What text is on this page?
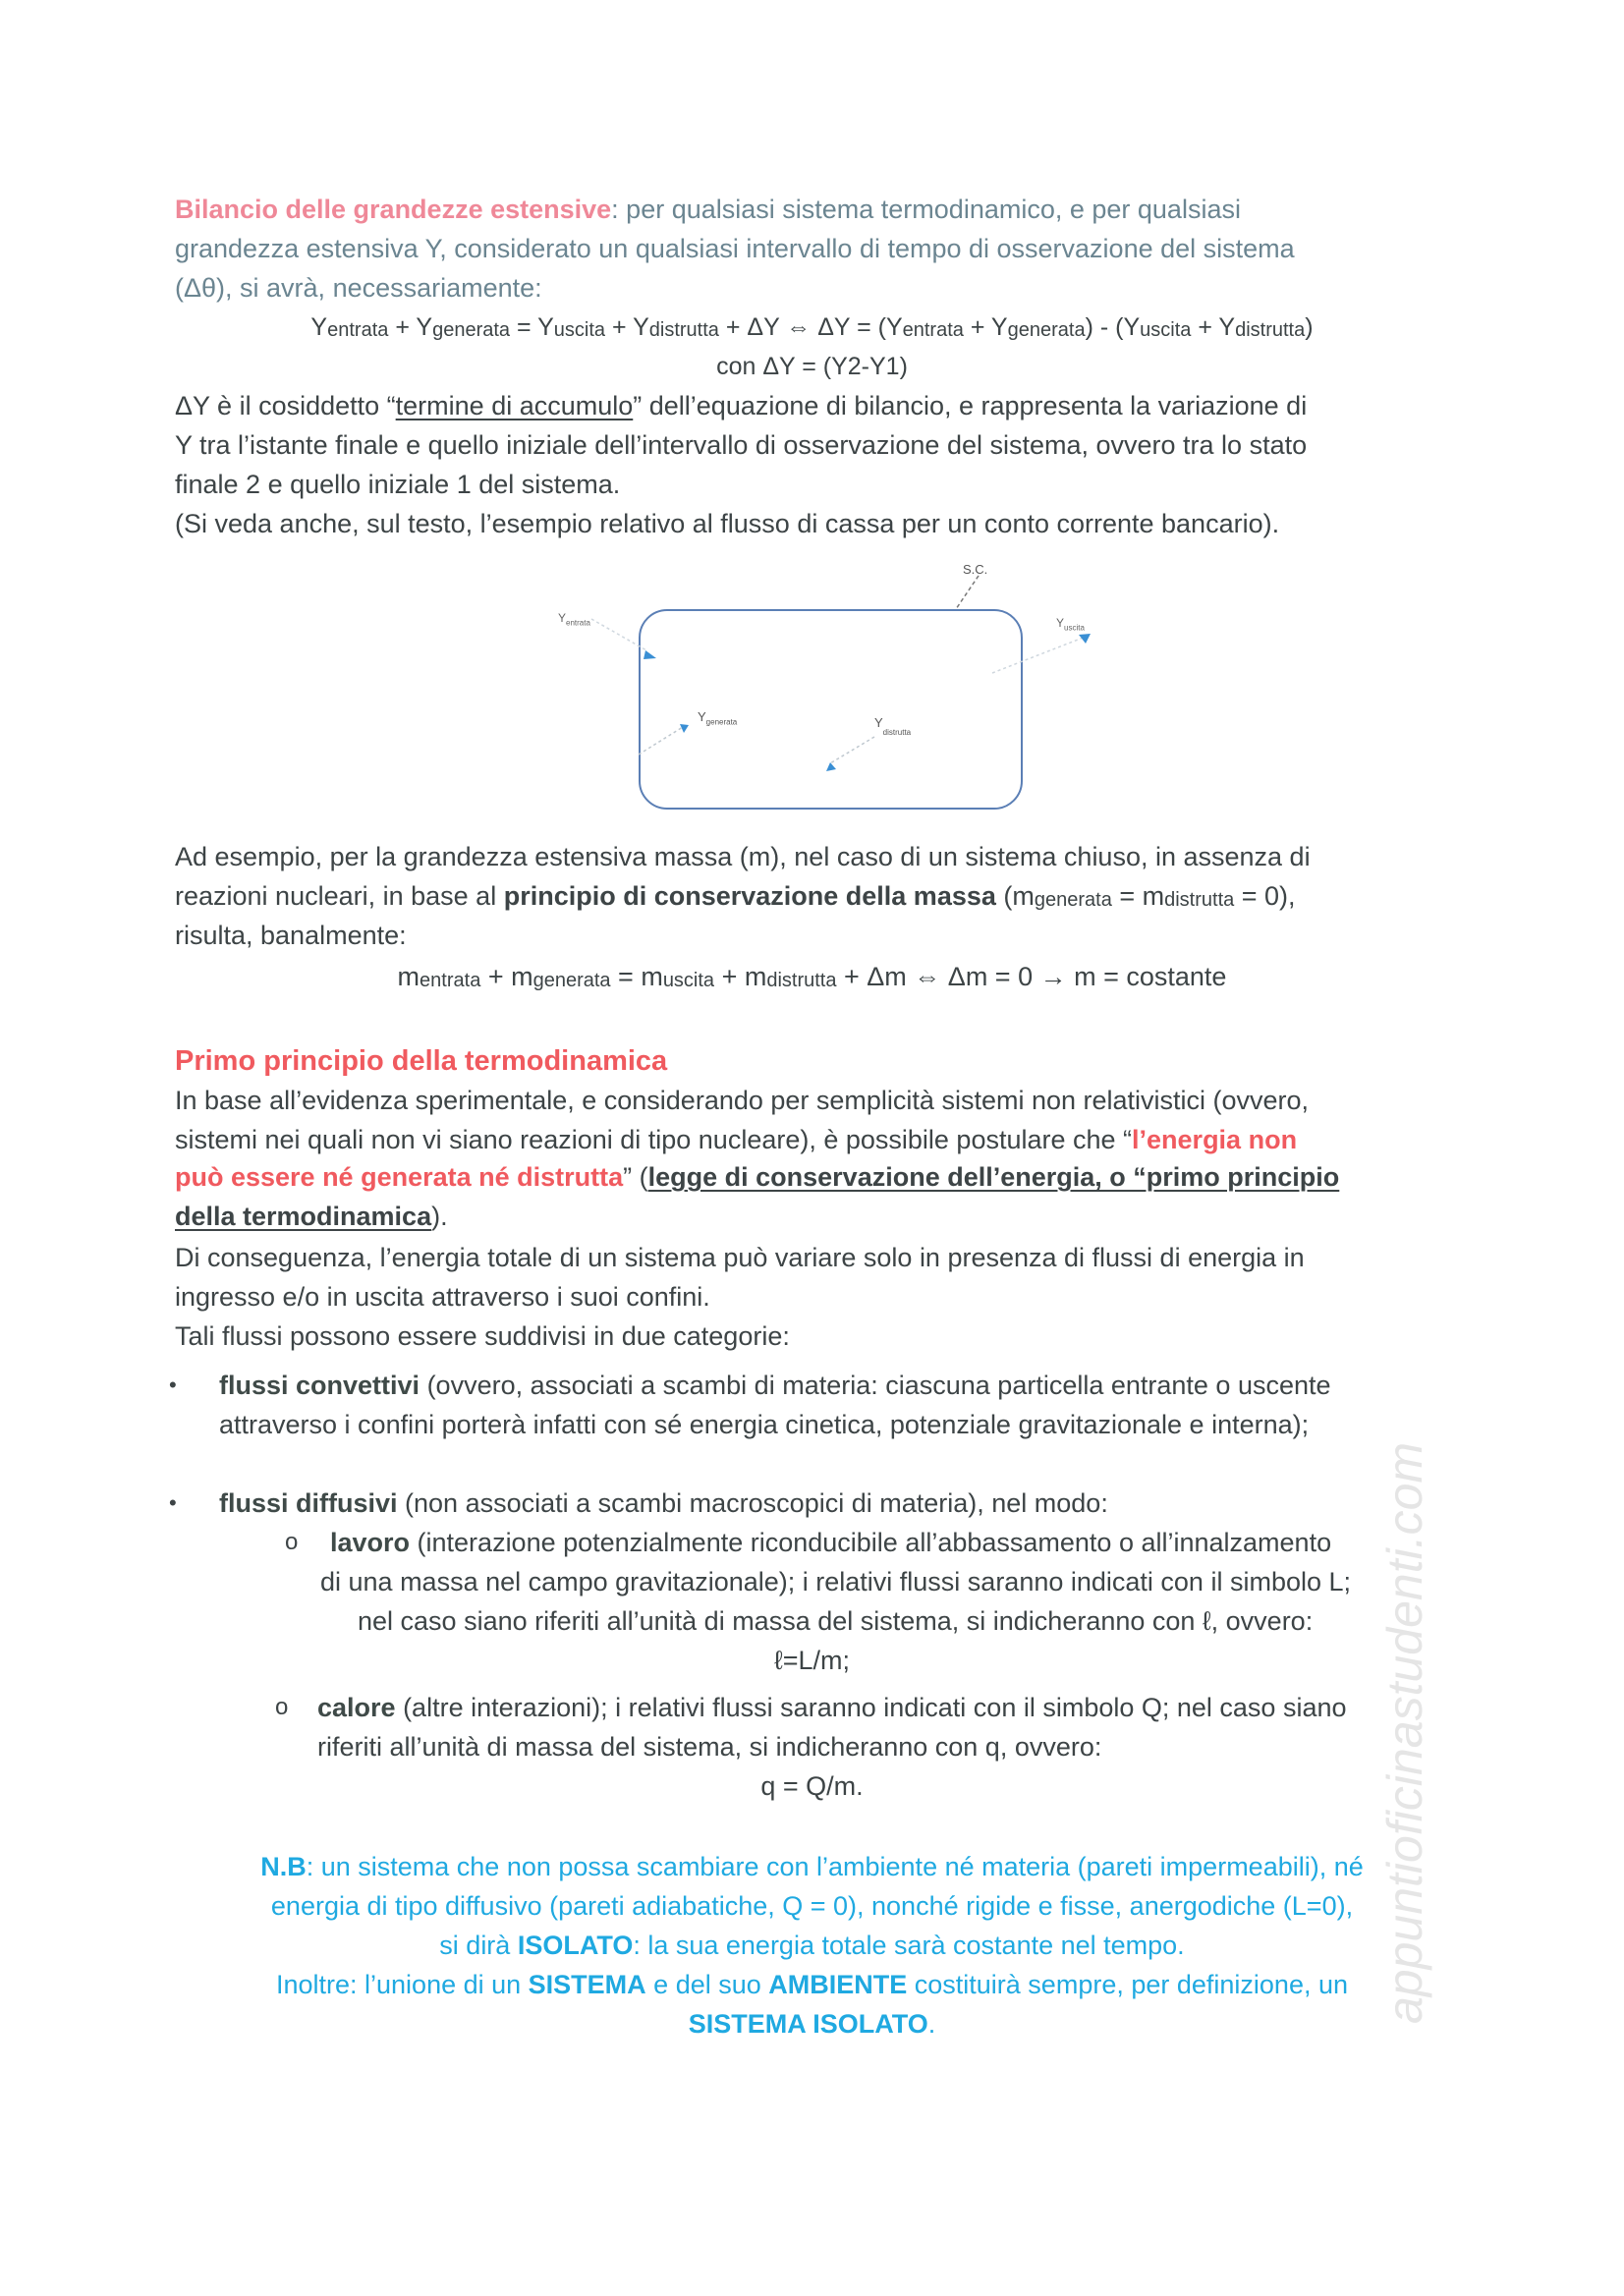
appuntioficinastudenti.com
Bilancio delle grandezze estensive: per qualsiasi sistema termodinamico, e per qualsiasi
grandezza estensiva Y, considerato un qualsiasi intervallo di tempo di osservazione del sistema
(Δθ), si avrà, necessariamente:
$Y_{entrata} + Y_{generata} = Y_{uscita} + Y_{distrutta} + \Delta Y$ ⇔ $\Delta Y = (Y_{entrata} + Y_{generata}) - (Y_{uscita} + Y_{distrutta})$
con ΔY = (Y2-Y1)
ΔY è il cosiddetto “termine di accumulo” dell’equazione di bilancio, e rappresenta la variazione di
Y tra l’istante finale e quello iniziale dell’intervallo di osservazione del sistema, ovvero tra lo stato
finale 2 e quello iniziale 1 del sistema.
(Si veda anche, sul testo, l’esempio relativo al flusso di cassa per un conto corrente bancario).
S.C.
$Y_{entrata}$	$Y_{uscita}$
$Y_{generata}$	$Y_{distrutta}$
Ad esempio, per la grandezza estensiva massa (m), nel caso di un sistema chiuso, in assenza di
reazioni nucleari, in base al principio di conservazione della massa $(m_{generata} = m_{distrutta} = 0)$,
risulta, banalmente:
$m_{entrata} + m_{generata} = m_{uscita} + m_{distrutta} + \Delta m$ ⇔ Δm = 0 → m = costante
Primo principio della termodinamica
In base all’evidenza sperimentale, e considerando per semplicità sistemi non relativistici (ovvero,
sistemi nei quali non vi siano reazioni di tipo nucleare), è possibile postulare che “l’energia non
può essere né generata né distrutta” (legge di conservazione dell’energia, o “primo principio
della termodinamica).
Di conseguenza, l’energia totale di un sistema può variare solo in presenza di flussi di energia in
ingresso e/o in uscita attraverso i suoi confini.
Tali flussi possono essere suddivisi in due categorie:
• flussi convettivi (ovvero, associati a scambi di materia: ciascuna particella entrante o uscente
attraverso i confini porterà infatti con sé energia cinetica, potenziale gravitazionale e interna);
• flussi diffusivi (non associati a scambi macroscopici di materia), nel modo:
o lavoro (interazione potenzialmente riconducibile all’abbassamento o all’innalzamento
di una massa nel campo gravitazionale); i relativi flussi saranno indicati con il simbolo L;
nel caso siano riferiti all’unità di massa del sistema, si indicheranno con ℓ, ovvero:
ℓ=L/m;
o calore (altre interazioni); i relativi flussi saranno indicati con il simbolo Q; nel caso siano
riferiti all’unità di massa del sistema, si indicheranno con q, ovvero:
q = Q/m.
N.B: un sistema che non possa scambiare con l’ambiente né materia (pareti impermeabili), né
energia di tipo diffusivo (pareti adiabatiche, Q = 0), nonché rigide e fisse, anergodiche (L=0),
si dirà ISOLATO: la sua energia totale sarà costante nel tempo.
Inoltre: l’unione di un SISTEMA e del suo AMBIENTE costituirà sempre, per definizione, un
SISTEMA ISOLATO.
